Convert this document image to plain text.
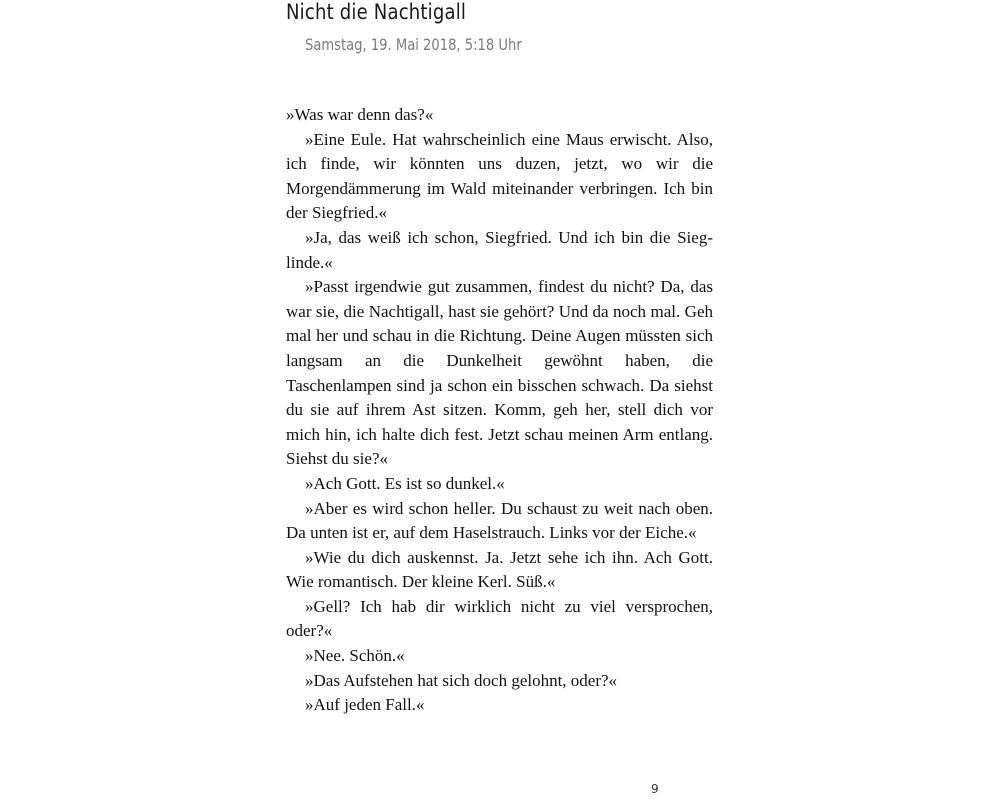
Nicht die Nachtigall
Samstag, 19. Mai 2018, 5:18 Uhr

»Was war denn das?«

»Eine Eule. Hat wahrscheinlich eine Maus erwischt. Also, ich finde, wir könnten uns duzen, jetzt, wo wir die Morgendämmerung im Wald miteinander verbringen. Ich bin der Siegfried.«

»Ja, das weiß ich schon, Siegfried. Und ich bin die Sieglinde.«

»Passt irgendwie gut zusammen, findest du nicht? Da, das war sie, die Nachtigall, hast sie gehört? Und da noch mal. Geh mal her und schau in die Richtung. Deine Augen müssten sich langsam an die Dunkelheit gewöhnt haben, die Taschenlampen sind ja schon ein bisschen schwach. Da siehst du sie auf ihrem Ast sitzen. Komm, geh her, stell dich vor mich hin, ich halte dich fest. Jetzt schau meinen Arm entlang. Siehst du sie?«

»Ach Gott. Es ist so dunkel.«

»Aber es wird schon heller. Du schaust zu weit nach oben. Da unten ist er, auf dem Haselstrauch. Links vor der Eiche.«

»Wie du dich auskennst. Ja. Jetzt sehe ich ihn. Ach Gott. Wie romantisch. Der kleine Kerl. Süß.«

»Gell? Ich hab dir wirklich nicht zu viel versprochen, oder?«

»Nee. Schön.«

»Das Aufstehen hat sich doch gelohnt, oder?«

»Auf jeden Fall.«

9
